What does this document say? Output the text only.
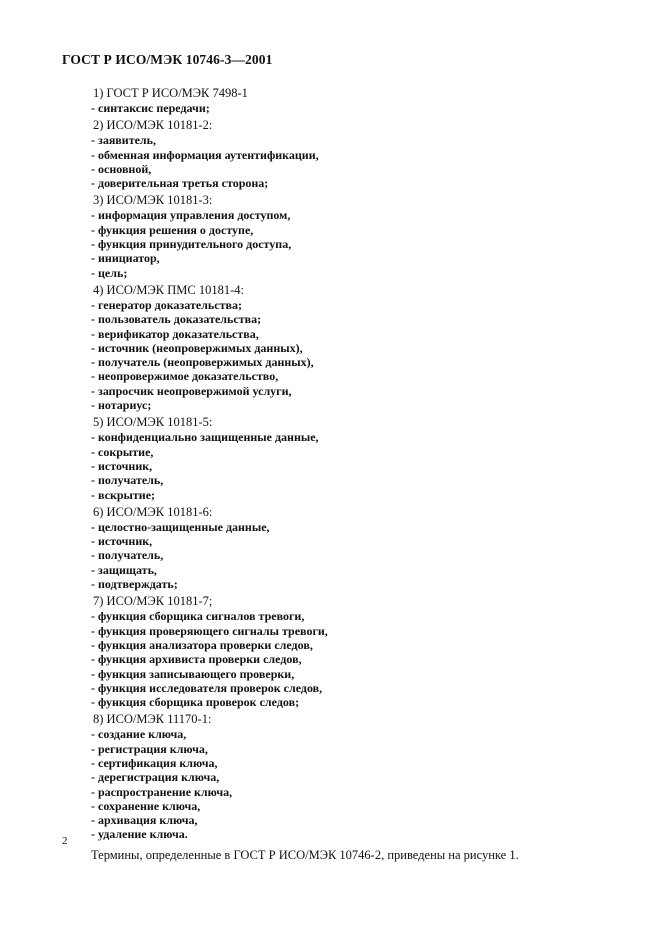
ГОСТ Р ИСО/МЭК 10746-3—2001
1) ГОСТ Р ИСО/МЭК 7498-1
- синтаксис передачи;
2) ИСО/МЭК 10181-2:
- заявитель,
- обменная информация аутентификации,
- основной,
- доверительная третья сторона;
3) ИСО/МЭК 10181-3:
- информация управления доступом,
- функция решения о доступе,
- функция принудительного доступа,
- инициатор,
- цель;
4) ИСО/МЭК ПМС 10181-4:
- генератор доказательства;
- пользователь доказательства;
- верификатор доказательства,
- источник (неопровержимых данных),
- получатель (неопровержимых данных),
- неопровержимое доказательство,
- запросчик неопровержимой услуги,
- нотариус;
5) ИСО/МЭК 10181-5:
- конфиденциально защищенные данные,
- сокрытие,
- источник,
- получатель,
- вскрытие;
6) ИСО/МЭК 10181-6:
- целостно-защищенные данные,
- источник,
- получатель,
- защищать,
- подтверждать;
7) ИСО/МЭК 10181-7;
- функция сборщика сигналов тревоги,
- функция проверяющего сигналы тревоги,
- функция анализатора проверки следов,
- функция архивиста проверки следов,
- функция записывающего проверки,
- функция исследователя проверок следов,
- функция сборщика проверок следов;
8) ИСО/МЭК 11170-1:
- создание ключа,
- регистрация ключа,
- сертификация ключа,
- дерегистрация ключа,
- распространение ключа,
- сохранение ключа,
- архивация ключа,
- удаление ключа.
Термины, определенные в ГОСТ Р ИСО/МЭК 10746-2, приведены на рисунке 1.
2
